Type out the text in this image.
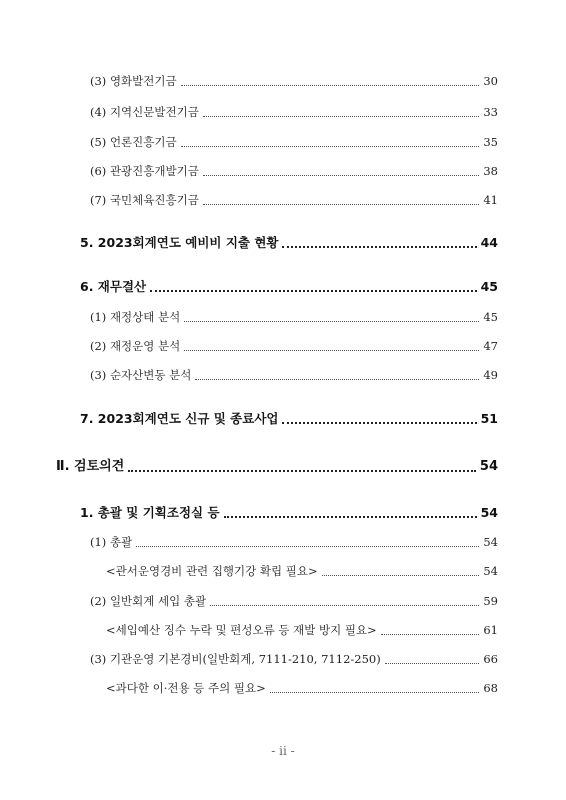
(3) 영화발전기금	30
(4) 지역신문발전기금	33
(5) 언론진흥기금	35
(6) 관광진흥개발기금	38
(7) 국민체육진흥기금	41
5. 2023회계연도 예비비 지출 현황	44
6. 재무결산	45
(1) 재정상태 분석	45
(2) 재정운영 분석	47
(3) 순자산변동 분석	49
7. 2023회계연도 신규 및 종료사업	51
Ⅱ. 검토의견	54
1. 총괄 및 기획조정실 등	54
(1) 총괄	54
<관서운영경비 관련 집행기강 확립 필요>	54
(2) 일반회계 세입 총괄	59
<세입예산 징수 누락 및 편성오류 등 재발 방지 필요>	61
(3) 기관운영 기본경비(일반회계, 7111-210, 7112-250)	66
<과다한 이·전용 등 주의 필요>	68
- ii -
